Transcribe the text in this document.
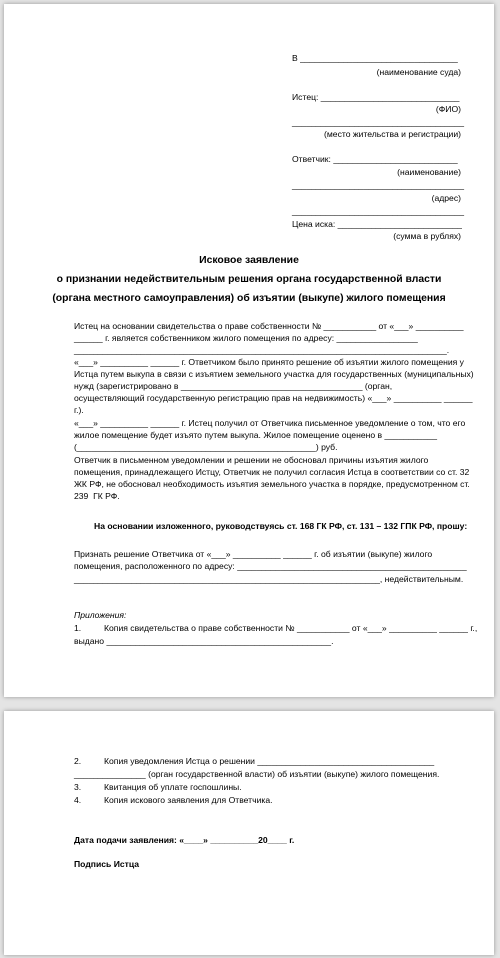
В _________________________________
(наименование суда)
Истец: _____________________________
(ФИО)
____________________________________
(место жительства и регистрации)
Ответчик: __________________________
(наименование)
____________________________________
(адрес)
____________________________________
Цена иска: __________________________
(сумма в рублях)
Исковое заявление
о признании недействительным решения органа государственной власти
(органа местного самоуправления) об изъятии (выкупе) жилого помещения
Истец на основании свидетельства о праве собственности № ___________ от «___» __________
______ г. является собственником жилого помещения по адресу: _________________
______________________________________________________________________________.
«___» __________ ______ г. Ответчиком было принято решение об изъятии жилого помещения у
Истца путем выкупа в связи с изъятием земельного участка для государственных (муниципальных)
нужд (зарегистрировано в ______________________________________ (орган,
осуществляющий государственную регистрацию прав на недвижимость) «___» __________ ______
г.).
«___» __________ ______ г. Истец получил от Ответчика письменное уведомление о том, что его
жилое помещение будет изъято путем выкупа. Жилое помещение оценено в ___________
(__________________________________________________) руб.
Ответчик в письменном уведомлении и решении не обосновал причины изъятия жилого
помещения, принадлежащего Истцу, Ответчик не получил согласия Истца в соответствии со ст. 32
ЖК РФ, не обосновал необходимость изъятия земельного участка в порядке, предусмотренном ст.
239  ГК РФ.
На основании изложенного, руководствуясь ст. 168 ГК РФ, ст. 131 – 132 ГПК РФ, прошу:
Признать решение Ответчика от «___» __________ ______ г. об изъятии (выкупе) жилого
помещения, расположенного по адресу: ________________________________________________
________________________________________________________________, недействительным.
Приложения:
1.	Копия свидетельства о праве собственности № ___________ от «___» __________ ______ г.,
выдано _______________________________________________.
2.	Копия уведомления Истца о решении _____________________________________
_______________ (орган государственной власти) об изъятии (выкупе) жилого помещения.
3.	Квитанция об уплате госпошлины.
4.	Копия искового заявления для Ответчика.
Дата подачи заявления: «____» __________20____ г.
Подпись Истца
